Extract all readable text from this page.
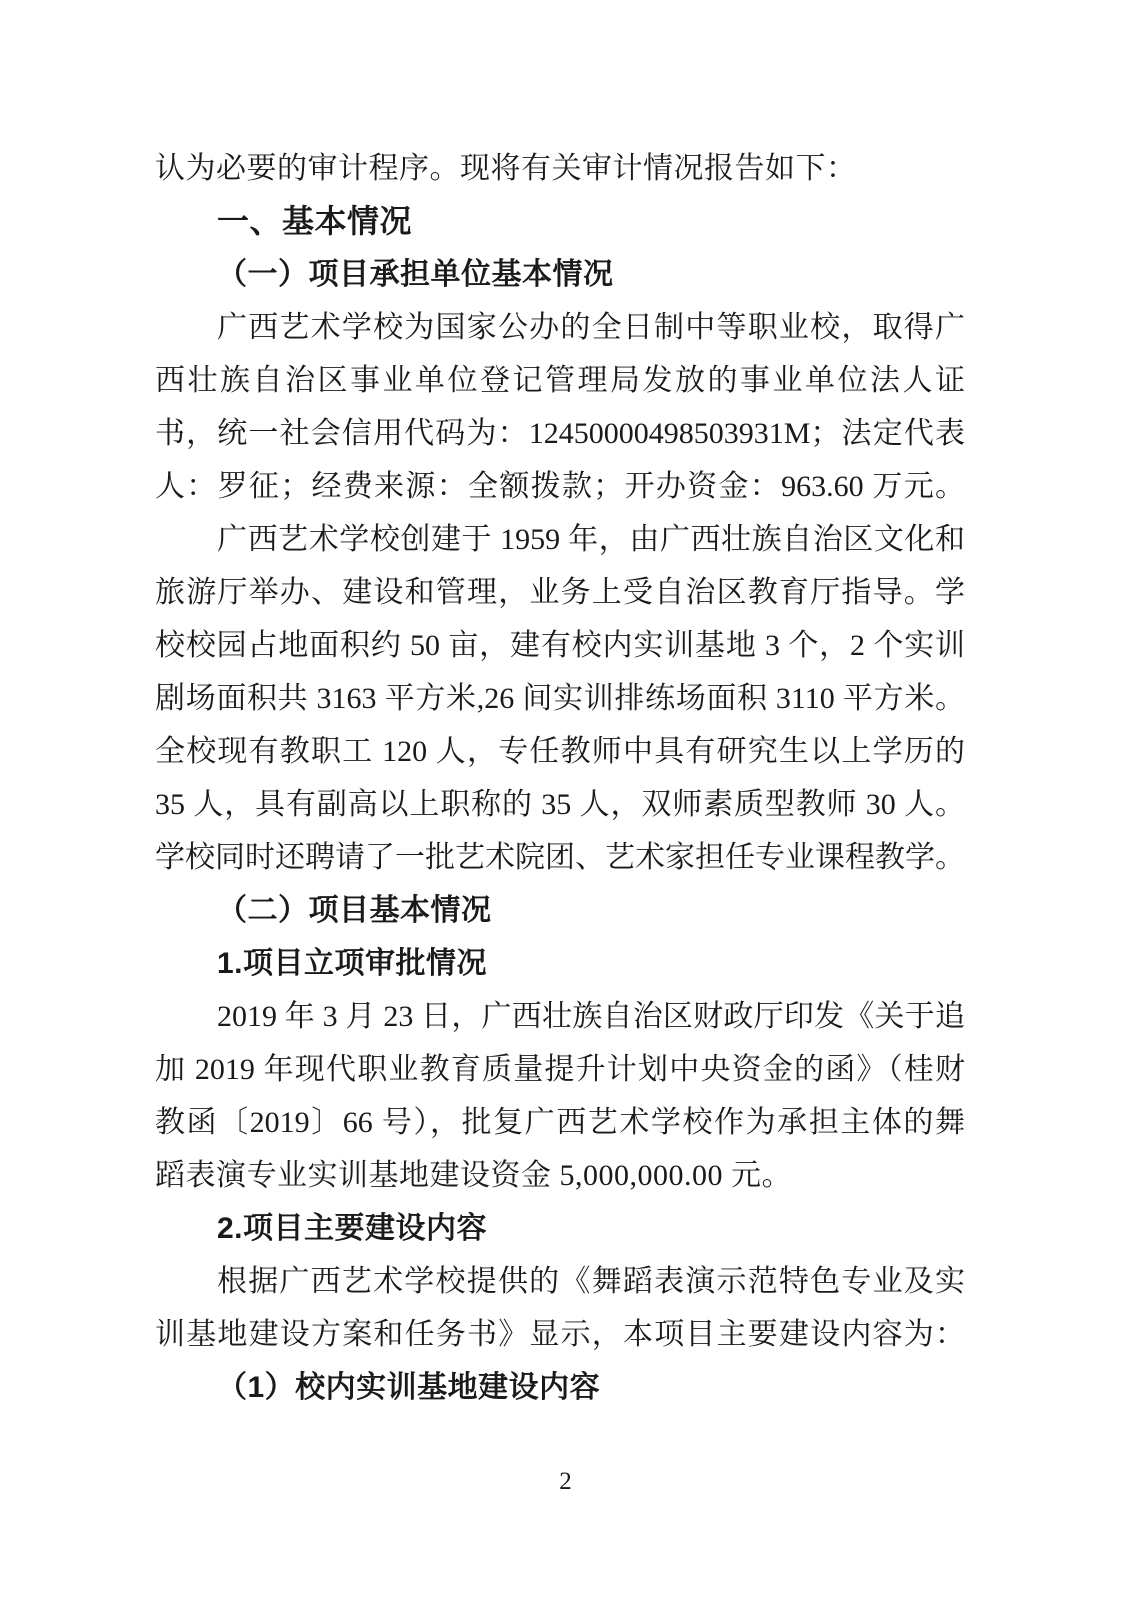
认为必要的审计程序。现将有关审计情况报告如下：
一、基本情况
（一）项目承担单位基本情况
广西艺术学校为国家公办的全日制中等职业校，取得广
西壮族自治区事业单位登记管理局发放的事业单位法人证
书，统一社会信用代码为：12450000498503931M；法定代表
人：罗征；经费来源：全额拨款；开办资金：963.60 万元。
广西艺术学校创建于 1959 年，由广西壮族自治区文化和
旅游厅举办、建设和管理，业务上受自治区教育厅指导。学
校校园占地面积约 50 亩，建有校内实训基地 3 个，2 个实训
剧场面积共 3163 平方米,26 间实训排练场面积 3110 平方米。
全校现有教职工 120 人，专任教师中具有研究生以上学历的
35 人，具有副高以上职称的 35 人，双师素质型教师 30 人。
学校同时还聘请了一批艺术院团、艺术家担任专业课程教学。
（二）项目基本情况
1.项目立项审批情况
2019 年 3 月 23 日，广西壮族自治区财政厅印发《关于追
加 2019 年现代职业教育质量提升计划中央资金的函》（桂财
教函〔2019〕66 号），批复广西艺术学校作为承担主体的舞
蹈表演专业实训基地建设资金 5,000,000.00 元。
2.项目主要建设内容
根据广西艺术学校提供的《舞蹈表演示范特色专业及实
训基地建设方案和任务书》显示，本项目主要建设内容为：
（1）校内实训基地建设内容
2
